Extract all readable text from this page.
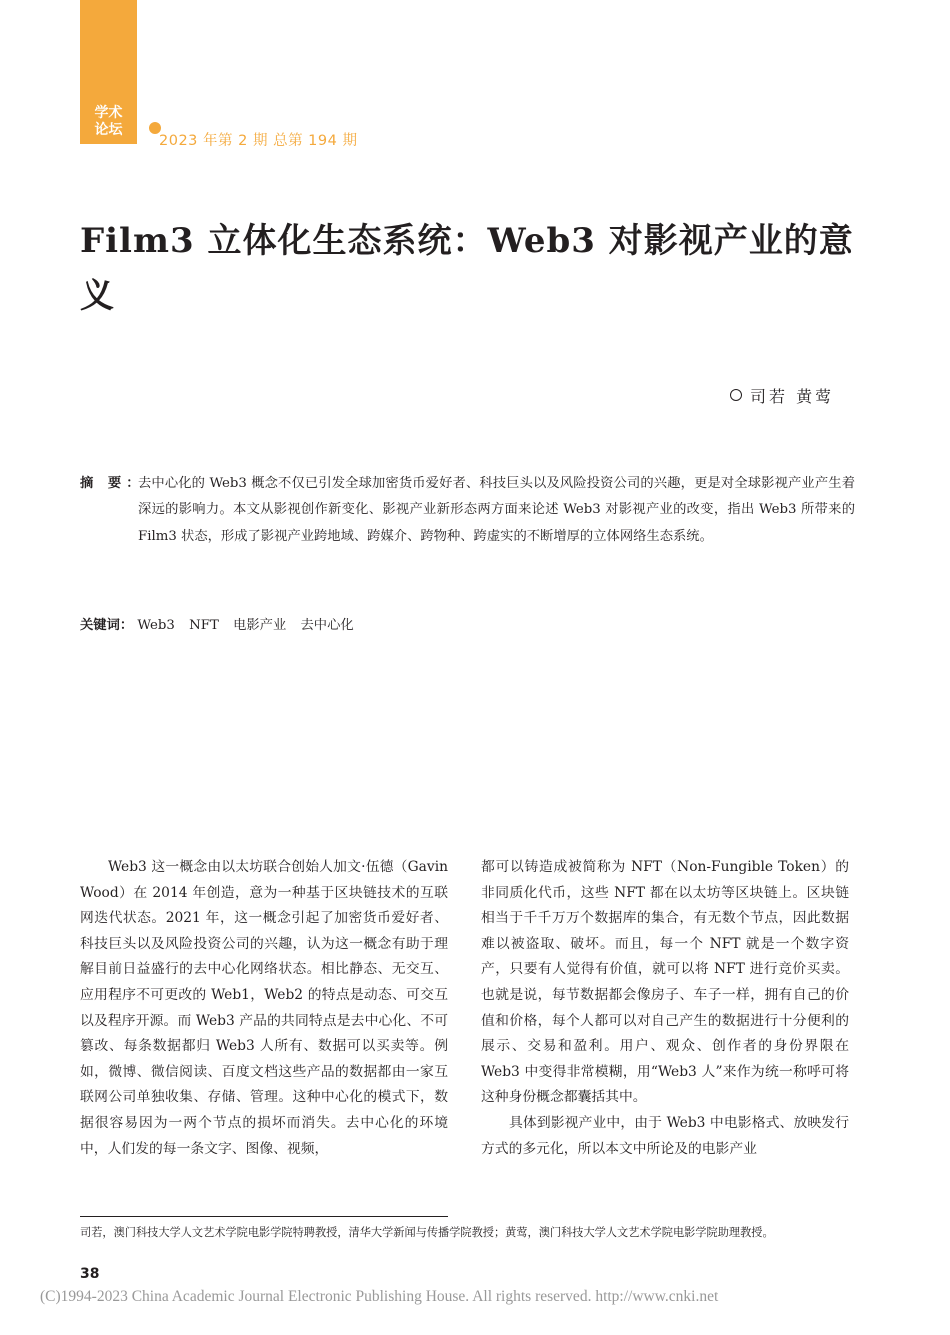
学术
论坛
2023 年第 2 期 总第 194 期
Film3 立体化生态系统：Web3 对影视产业的意义
司若 黄莺
摘 要：
去中心化的 Web3 概念不仅已引发全球加密货币爱好者、科技巨头以及风险投资公司的兴趣，更是对全球影视产业产生着深远的影响力。本文从影视创作新变化、影视产业新形态两方面来论述 Web3 对影视产业的改变，指出 Web3 所带来的 Film3 状态，形成了影视产业跨地域、跨媒介、跨物种、跨虚实的不断增厚的立体网络生态系统。
关键词： Web3 NFT 电影产业 去中心化

Web3 这一概念由以太坊联合创始人加文·伍德（Gavin Wood）在 2014 年创造，意为一种基于区块链技术的互联网迭代状态。2021 年，这一概念引起了加密货币爱好者、科技巨头以及风险投资公司的兴趣，认为这一概念有助于理解目前日益盛行的去中心化网络状态。相比静态、无交互、应用程序不可更改的 Web1，Web2 的特点是动态、可交互以及程序开源。而 Web3 产品的共同特点是去中心化、不可篡改、每条数据都归 Web3 人所有、数据可以买卖等。例如，微博、微信阅读、百度文档这些产品的数据都由一家互联网公司单独收集、存储、管理。这种中心化的模式下，数据很容易因为一两个节点的损坏而消失。去中心化的环境中，人们发的每一条文字、图像、视频，

都可以铸造成被简称为 NFT（Non-Fungible Token）的非同质化代币，这些 NFT 都在以太坊等区块链上。区块链相当于千千万万个数据库的集合，有无数个节点，因此数据难以被盗取、破坏。而且，每一个 NFT 就是一个数字资产，只要有人觉得有价值，就可以将 NFT 进行竞价买卖。也就是说，每节数据都会像房子、车子一样，拥有自己的价值和价格，每个人都可以对自己产生的数据进行十分便利的展示、交易和盈利。用户、观众、创作者的身份界限在 Web3 中变得非常模糊，用“Web3 人”来作为统一称呼可将这种身份概念都囊括其中。

具体到影视产业中，由于 Web3 中电影格式、放映发行方式的多元化，所以本文中所论及的电影产业

司若，澳门科技大学人文艺术学院电影学院特聘教授，清华大学新闻与传播学院教授；黄莺，澳门科技大学人文艺术学院电影学院助理教授。
38
(C)1994-2023 China Academic Journal Electronic Publishing House. All rights reserved. http://www.cnki.net
